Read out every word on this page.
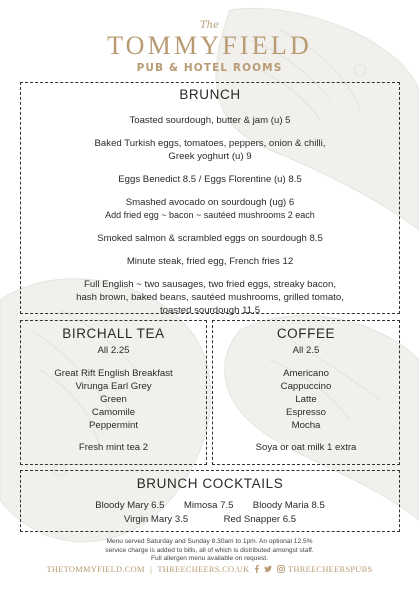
The
TOMMYFIELD
PUB & HOTEL ROOMS
BRUNCH

Toasted sourdough, butter & jam (u) 5

Baked Turkish eggs, tomatoes, peppers, onion & chilli,

Greek yoghurt (u) 9

Eggs Benedict 8.5 / Eggs Florentine (u) 8.5

Smashed avocado on sourdough (ug) 6

Add fried egg ~ bacon ~ sautéed mushrooms 2 each

Smoked salmon & scrambled eggs on sourdough 8.5

Minute steak, fried egg, French fries 12

Full English ~ two sausages, two fried eggs, streaky bacon,

hash brown, baked beans, sautéed mushrooms, grilled tomato,

toasted sourdough 11.5

BIRCHALL TEA

All 2.25

Great Rift English Breakfast

Virunga Earl Grey

Green

Camomile

Peppermint

Fresh mint tea 2

COFFEE

All 2.5

Americano

Cappuccino

Latte

Espresso

Mocha

Soya or oat milk 1 extra

BRUNCH COCKTAILS

Bloody Mary 6.5 Mimosa 7.5 Bloody Maria 8.5

Virgin Mary 3.5	Red Snapper 6.5

Menu served Saturday and Sunday 8.30am to 1pm. An optional 12.5%
service charge is added to bills, all of which is distributed amongst staff.
Full allergen menu available on request.
THETOMMYFIELD.COM | THREECHEERS.CO.UK	THREECHEERSPUBS
